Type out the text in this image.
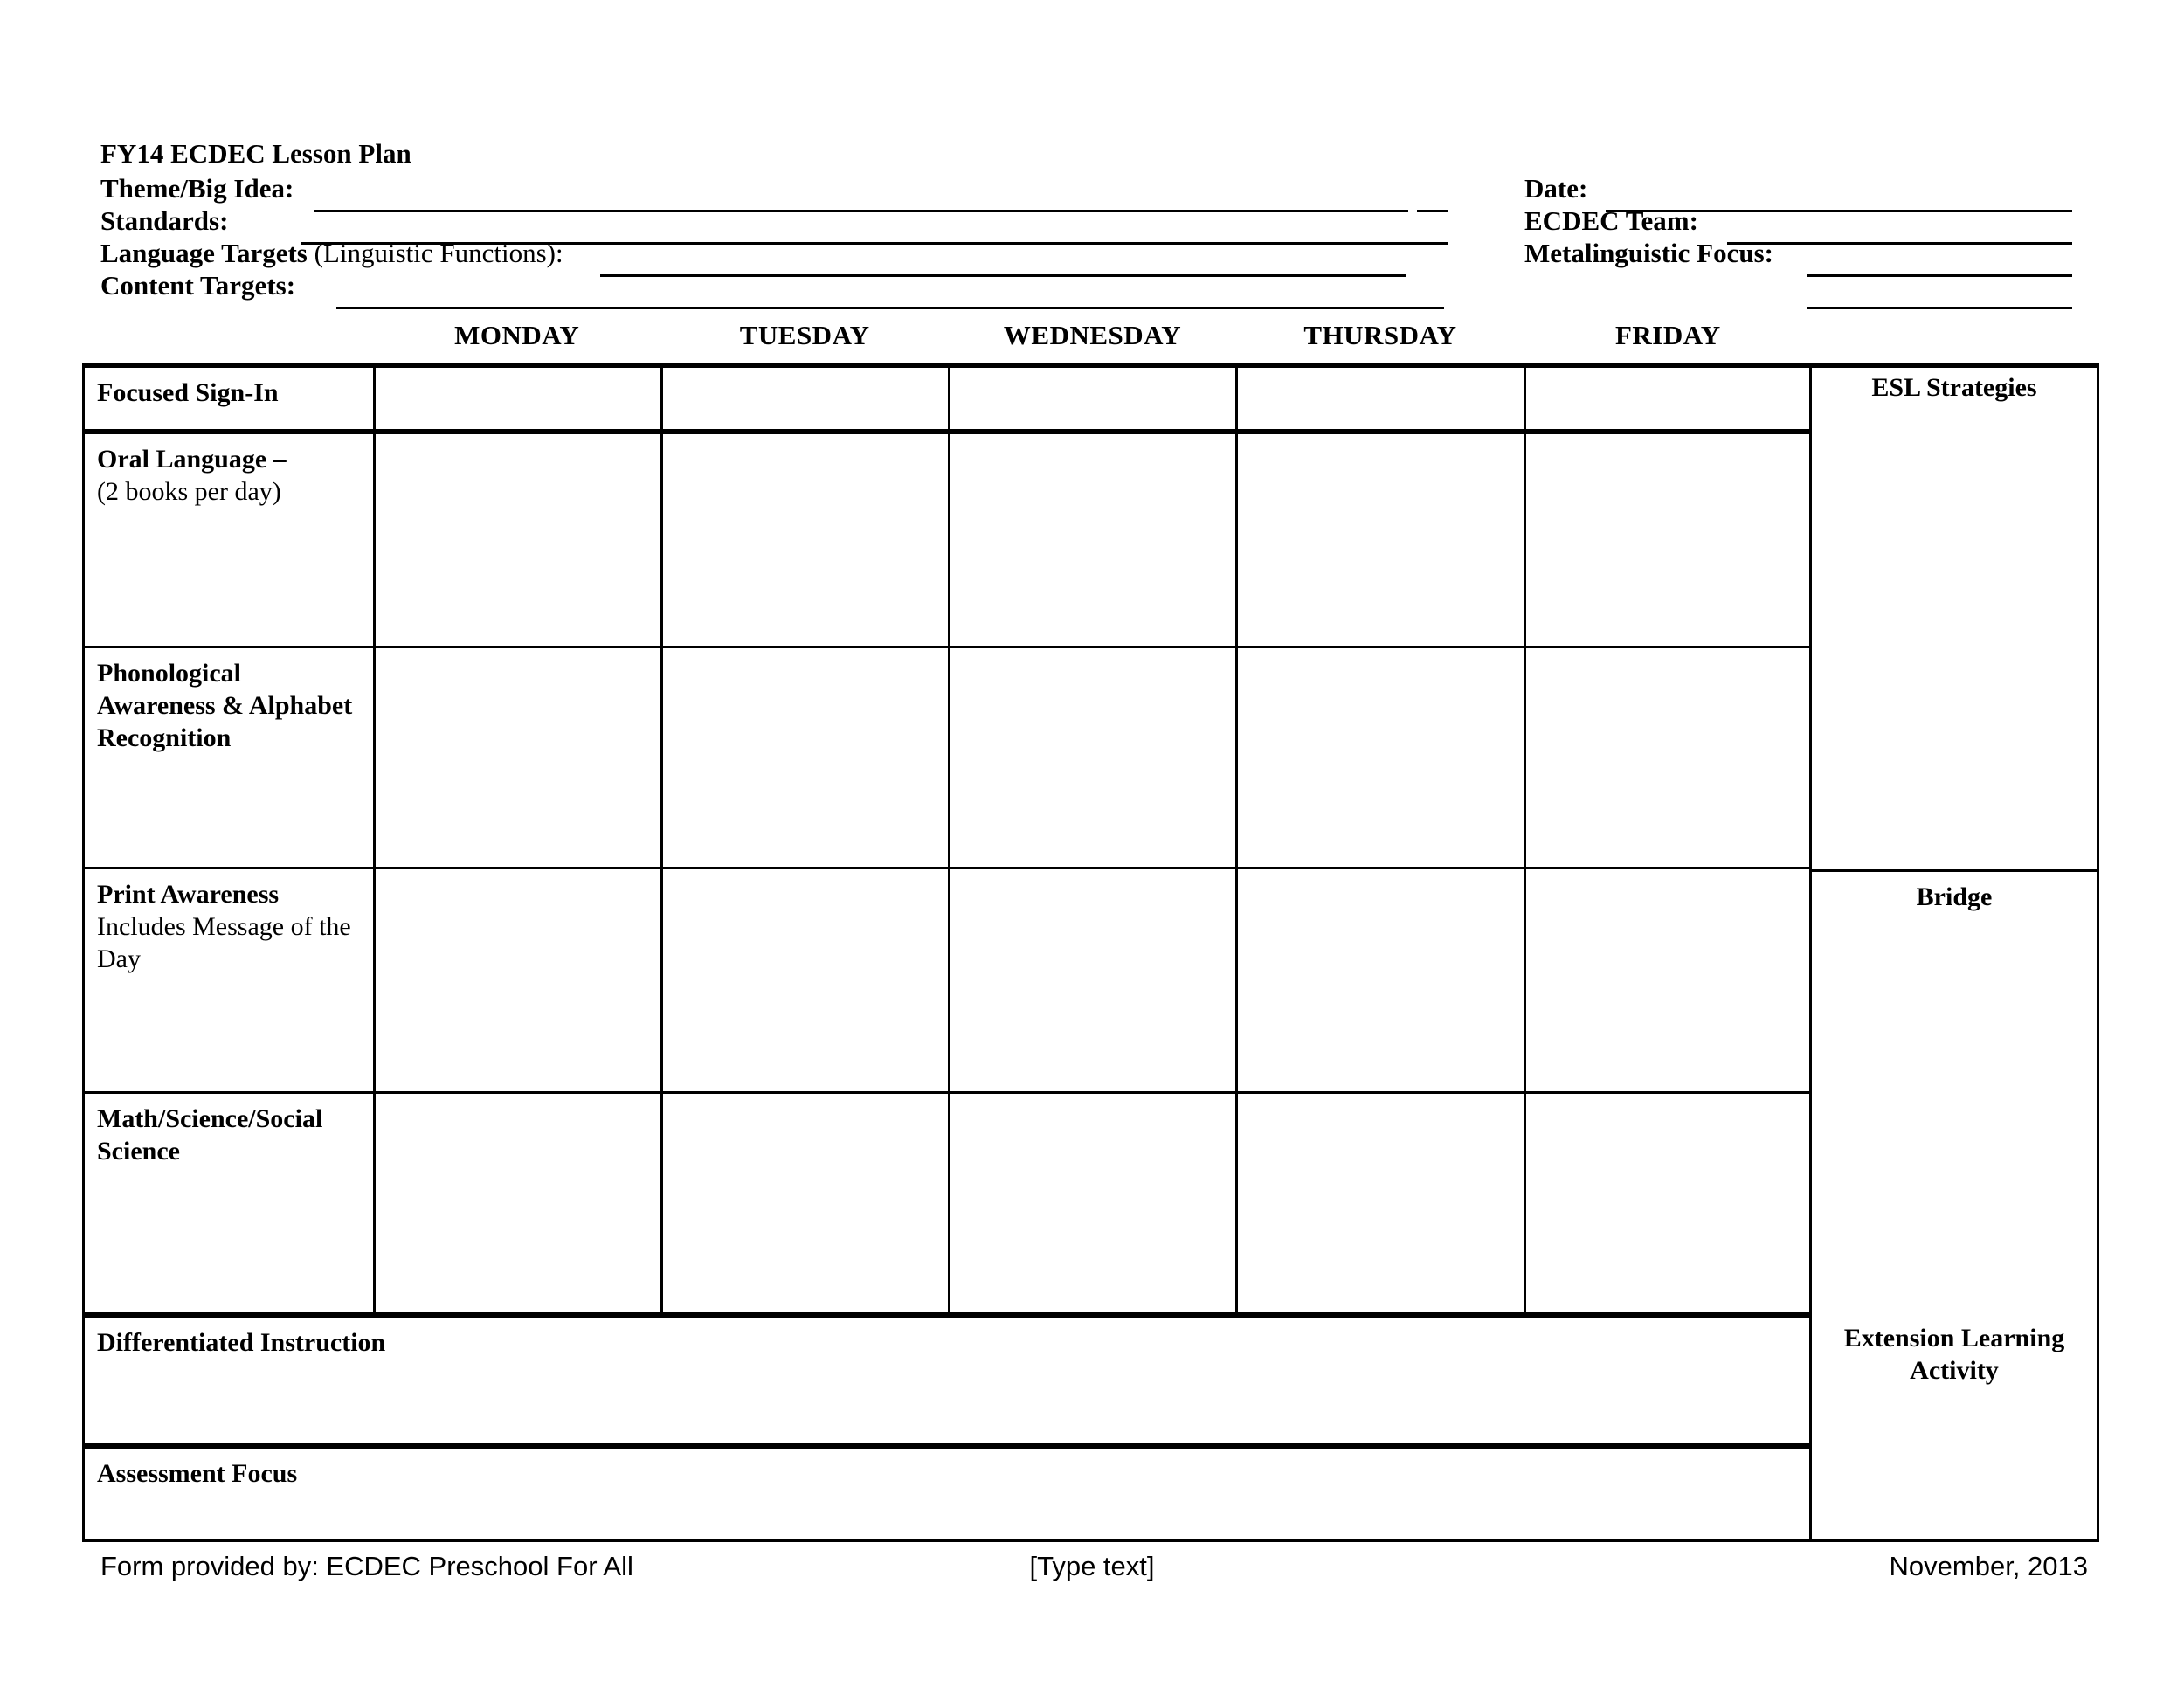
FY14 ECDEC Lesson Plan
Theme/Big Idea:
Standards:
Language Targets (Linguistic Functions):
Content Targets:
Date:
ECDEC Team:
Metalinguistic Focus:
MONDAY	TUESDAY	WEDNESDAY	THURSDAY	FRIDAY
Focused Sign-In
Oral Language –
(2 books per day)
Phonological Awareness & Alphabet Recognition
Print Awareness
Includes Message of the Day
Math/Science/Social Science
Differentiated Instruction
Assessment Focus
ESL Strategies
Bridge
Extension Learning Activity
Form provided by: ECDEC Preschool For All	[Type text]	November, 2013
